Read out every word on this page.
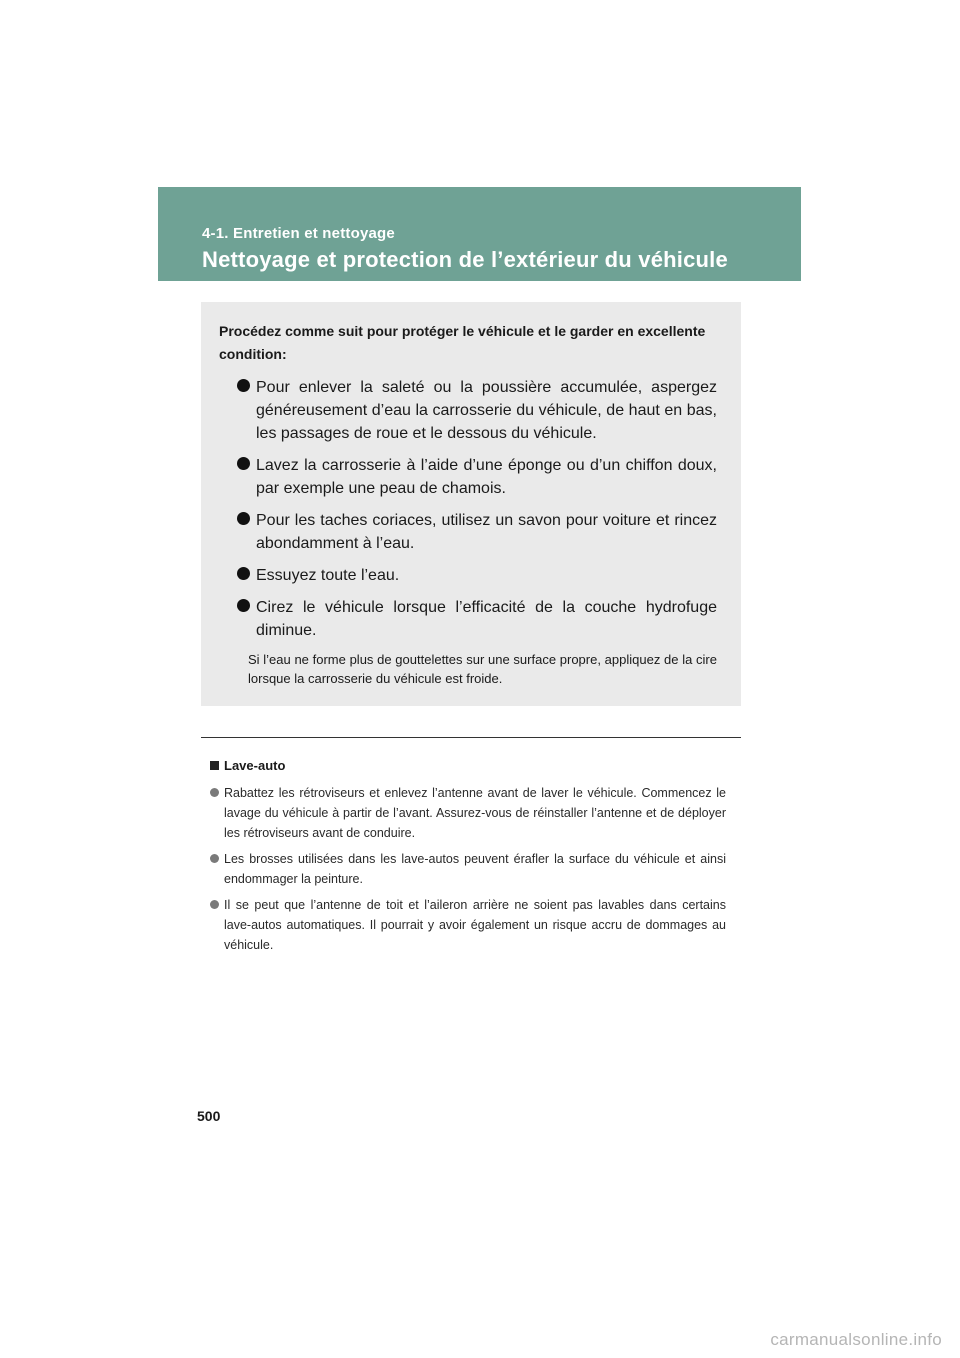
4-1. Entretien et nettoyage
Nettoyage et protection de l’extérieur du véhicule

Procédez comme suit pour protéger le véhicule et le garder en excellente condition:

Pour enlever la saleté ou la poussière accumulée, aspergez généreusement d’eau la carrosserie du véhicule, de haut en bas, les passages de roue et le dessous du véhicule.
Lavez la carrosserie à l’aide d’une éponge ou d’un chiffon doux, par exemple une peau de chamois.
Pour les taches coriaces, utilisez un savon pour voiture et rincez abondamment à l’eau.
Essuyez toute l’eau.
Cirez le véhicule lorsque l’efficacité de la couche hydrofuge diminue.
Si l’eau ne forme plus de gouttelettes sur une surface propre, appliquez de la cire lorsque la carrosserie du véhicule est froide.
Lave-auto
Rabattez les rétroviseurs et enlevez l’antenne avant de laver le véhicule. Commencez le lavage du véhicule à partir de l’avant. Assurez-vous de réinstaller l’antenne et de déployer les rétroviseurs avant de conduire.
Les brosses utilisées dans les lave-autos peuvent érafler la surface du véhicule et ainsi endommager la peinture.
Il se peut que l’antenne de toit et l’aileron arrière ne soient pas lavables dans certains lave-autos automatiques. Il pourrait y avoir également un risque accru de dommages au véhicule.
500
carmanualsonline.info
